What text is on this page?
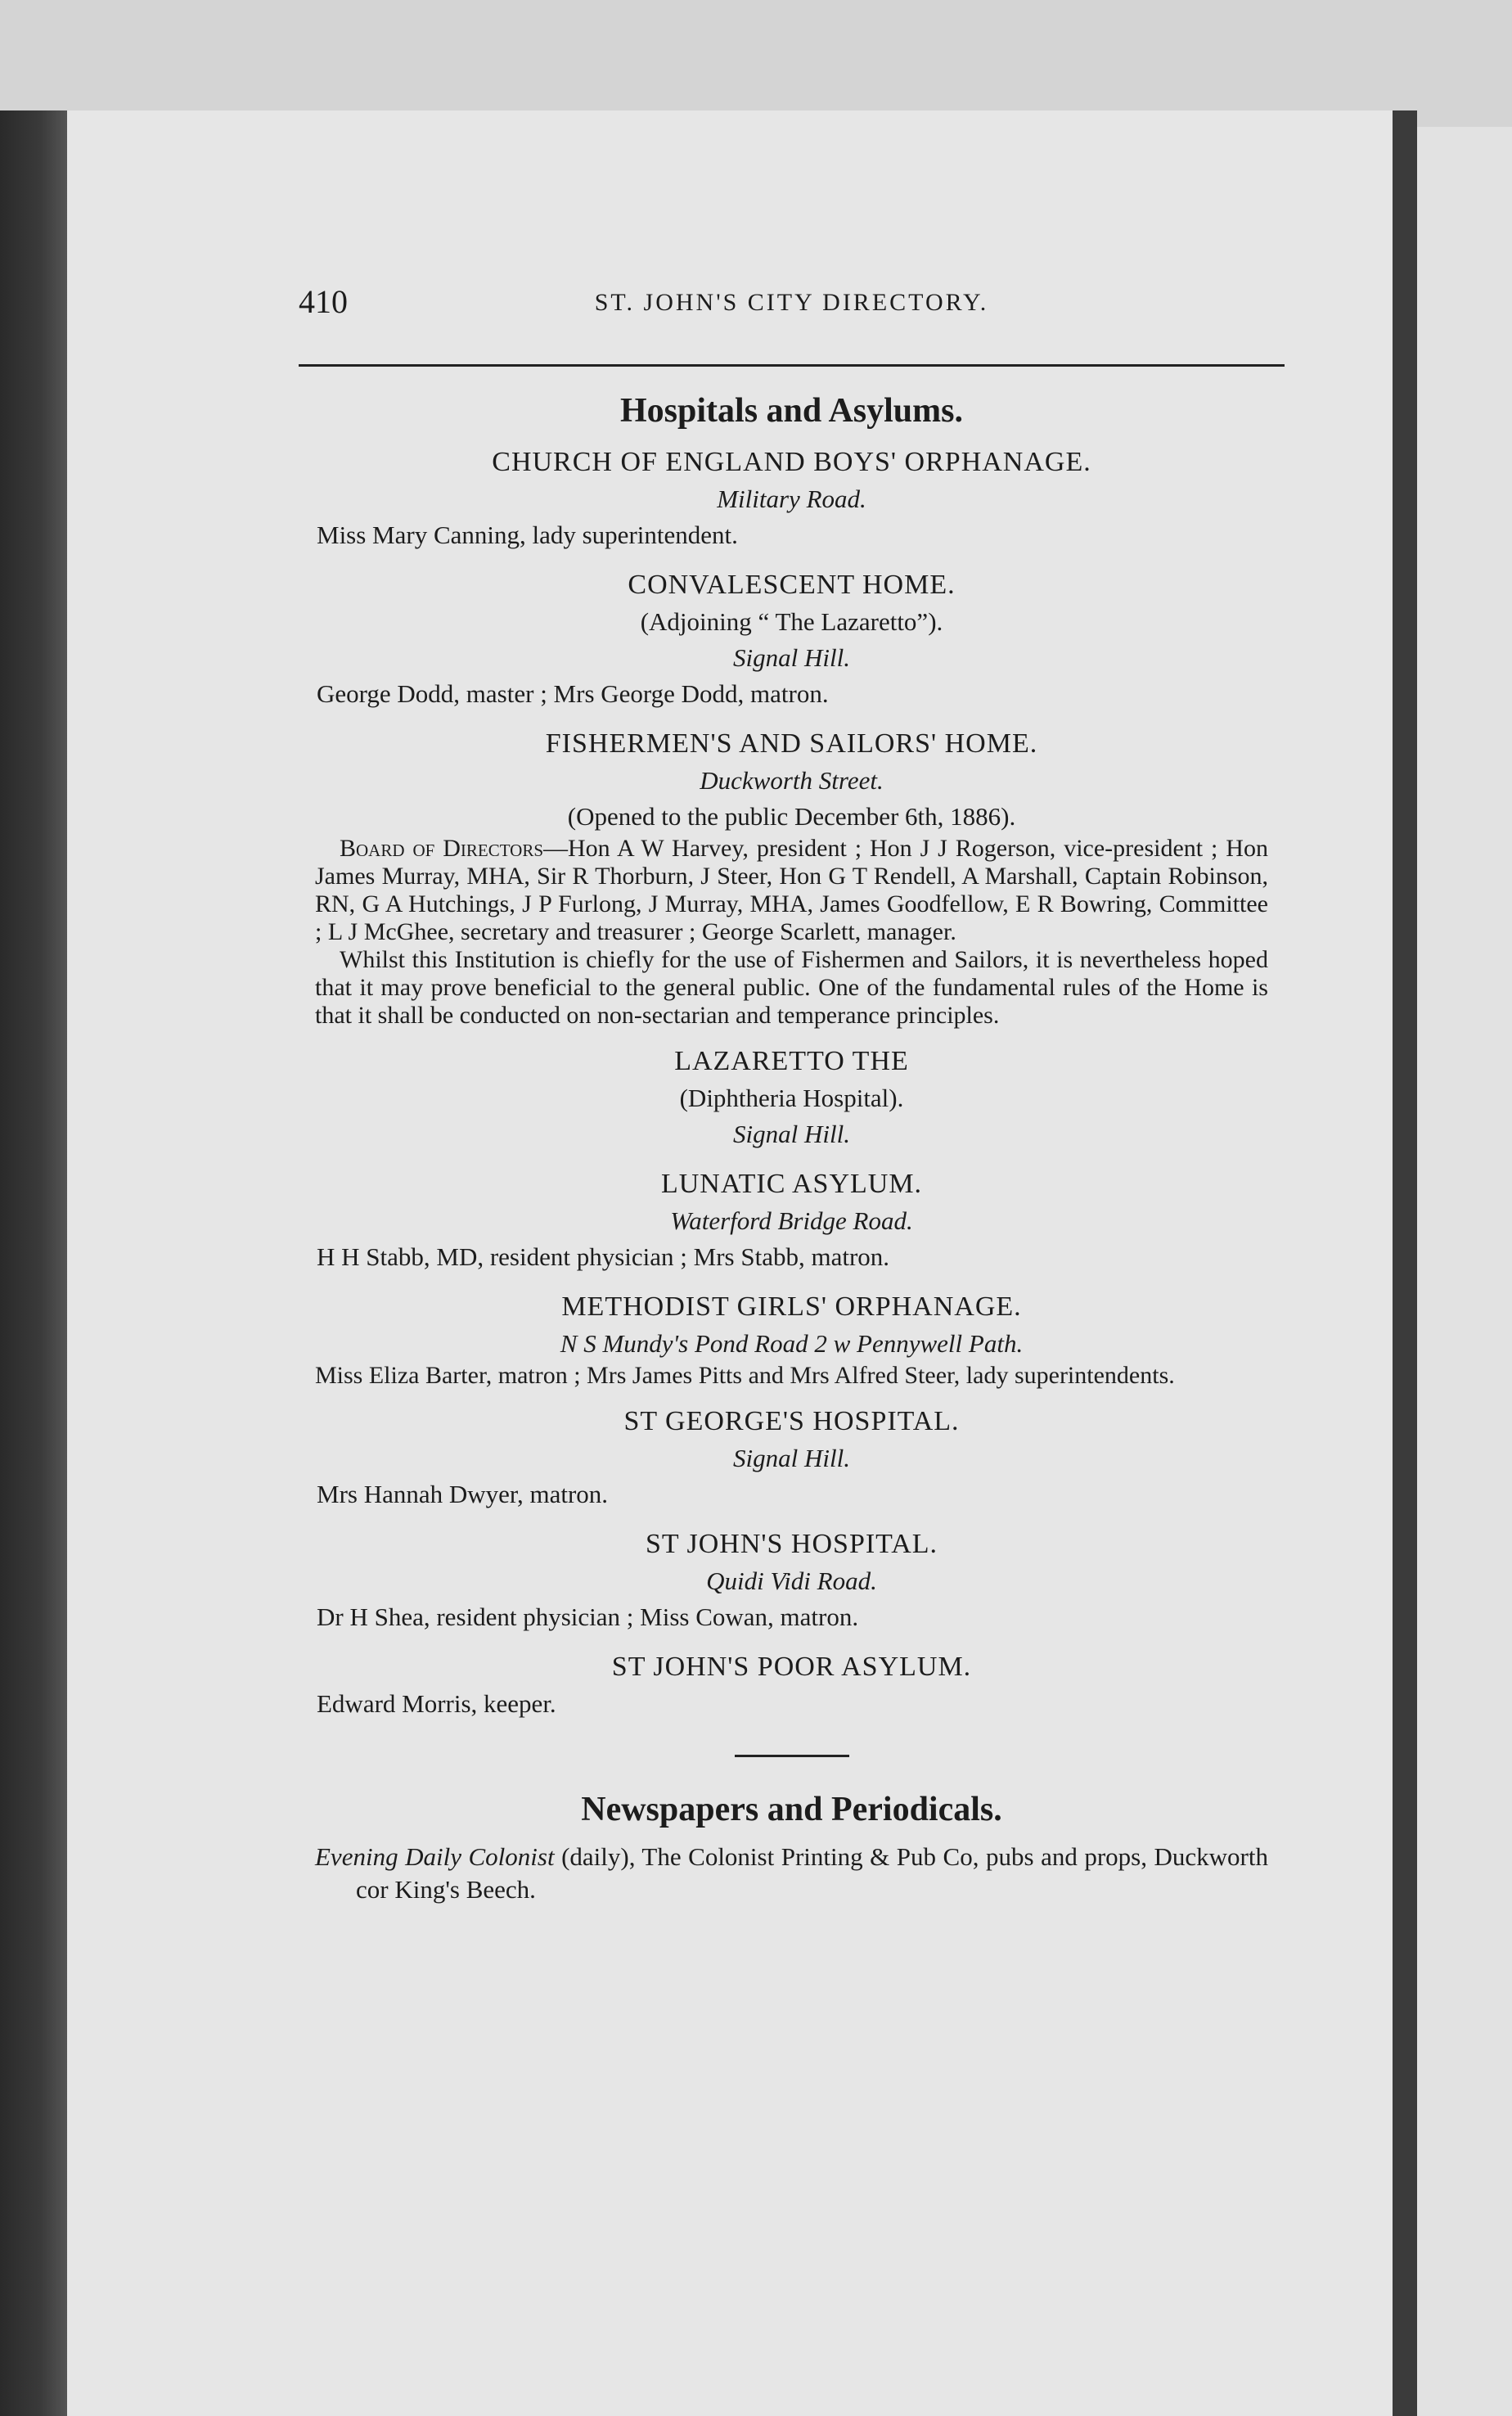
410	ST. JOHN'S CITY DIRECTORY.
Hospitals and Asylums.
CHURCH OF ENGLAND BOYS' ORPHANAGE.
Military Road.
Miss Mary Canning, lady superintendent.
CONVALESCENT HOME.
(Adjoining “ The Lazaretto”).
Signal Hill.
George Dodd, master ; Mrs George Dodd, matron.
FISHERMEN'S AND SAILORS' HOME.
Duckworth Street.
(Opened to the public December 6th, 1886).
Board of Directors—Hon A W Harvey, president ; Hon J J Rogerson, vice-president ; Hon James Murray, MHA, Sir R Thorburn, J Steer, Hon G T Rendell, A Marshall, Captain Robinson, RN, G A Hutchings, J P Furlong, J Murray, MHA, James Goodfellow, E R Bowring, Committee ; L J McGhee, secretary and treasurer ; George Scarlett, manager.
Whilst this Institution is chiefly for the use of Fishermen and Sailors, it is nevertheless hoped that it may prove beneficial to the general public. One of the fundamental rules of the Home is that it shall be conducted on non-sectarian and temperance principles.
LAZARETTO THE
(Diphtheria Hospital).
Signal Hill.
LUNATIC ASYLUM.
Waterford Bridge Road.
H H Stabb, MD, resident physician ; Mrs Stabb, matron.
METHODIST GIRLS' ORPHANAGE.
N S Mundy's Pond Road 2 w Pennywell Path.
Miss Eliza Barter, matron ; Mrs James Pitts and Mrs Alfred Steer, lady superintendents.
ST GEORGE'S HOSPITAL.
Signal Hill.
Mrs Hannah Dwyer, matron.
ST JOHN'S HOSPITAL.
Quidi Vidi Road.
Dr H Shea, resident physician ; Miss Cowan, matron.
ST JOHN'S POOR ASYLUM.
Edward Morris, keeper.
Newspapers and Periodicals.
Evening Daily Colonist (daily), The Colonist Printing & Pub Co, pubs and props, Duckworth cor King's Beech.
